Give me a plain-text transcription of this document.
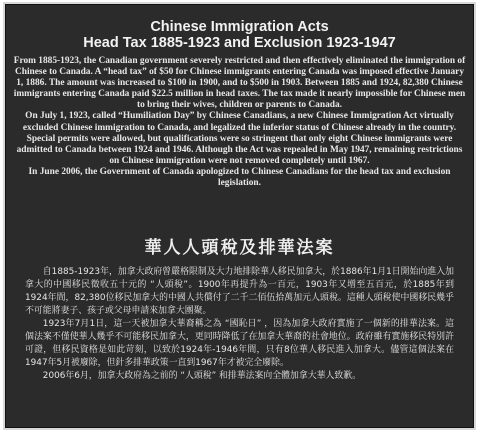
Chinese Immigration Acts
Head Tax 1885-1923 and Exclusion 1923-1947

From 1885-1923, the Canadian government severely restricted and then effectively eliminated the immigration of Chinese to Canada. A “head tax” of $50 for Chinese immigrants entering Canada was imposed effective January 1, 1886. The amount was increased to $100 in 1900, and to $500 in 1903. Between 1885 and 1924, 82,380 Chinese immigrants entering Canada paid $22.5 million in head taxes. The tax made it nearly impossible for Chinese men to bring their wives, children or parents to Canada.

On July 1, 1923, called “Humiliation Day” by Chinese Canadians, a new Chinese Immigration Act virtually excluded Chinese immigration to Canada, and legalized the inferior status of Chinese already in the country. Special permits were allowed, but qualifications were so stringent that only eight Chinese immigrants were admitted to Canada between 1924 and 1946. Although the Act was repealed in May 1947, remaining restrictions on Chinese immigration were not removed completely until 1967.

In June 2006, the Government of Canada apologized to Chinese Canadians for the head tax and exclusion legislation.

華人人頭稅及排華法案

自1885-1923年，加拿大政府曾嚴格限制及大力地排除華人移民加拿大，於1886年1月1日開始向進入加拿大的中國移民徵收五十元的 “人頭稅”。1900年再提升為一百元，1903年又增至五百元，於1885年到1924年間，82,380位移民加拿大的中國人共償付了二千二佰伍拾萬加元人頭稅。這種人頭稅使中國移民幾乎不可能將妻子、孩子或父母申請來加拿大團聚。

1923年7月1日，這一天被加拿大華裔稱之為 “國恥日” ，因為加拿大政府實施了一個新的排華法案。這個法案不僅使華人幾乎不可能移民加拿大，更同時降低了在加拿大華裔的社會地位。政府雖有實施移民特別許可證，但移民資格是如此苛刻，以致於1924年-1946年間，只有8位華人移民進入加拿大。儘管這個法案在1947年5月被廢除，但針多排華政策一直到1967年才被完全廢除。

2006年6月，加拿大政府為之前的 “人頭稅” 和排華法案向全體加拿大華人致歉。
